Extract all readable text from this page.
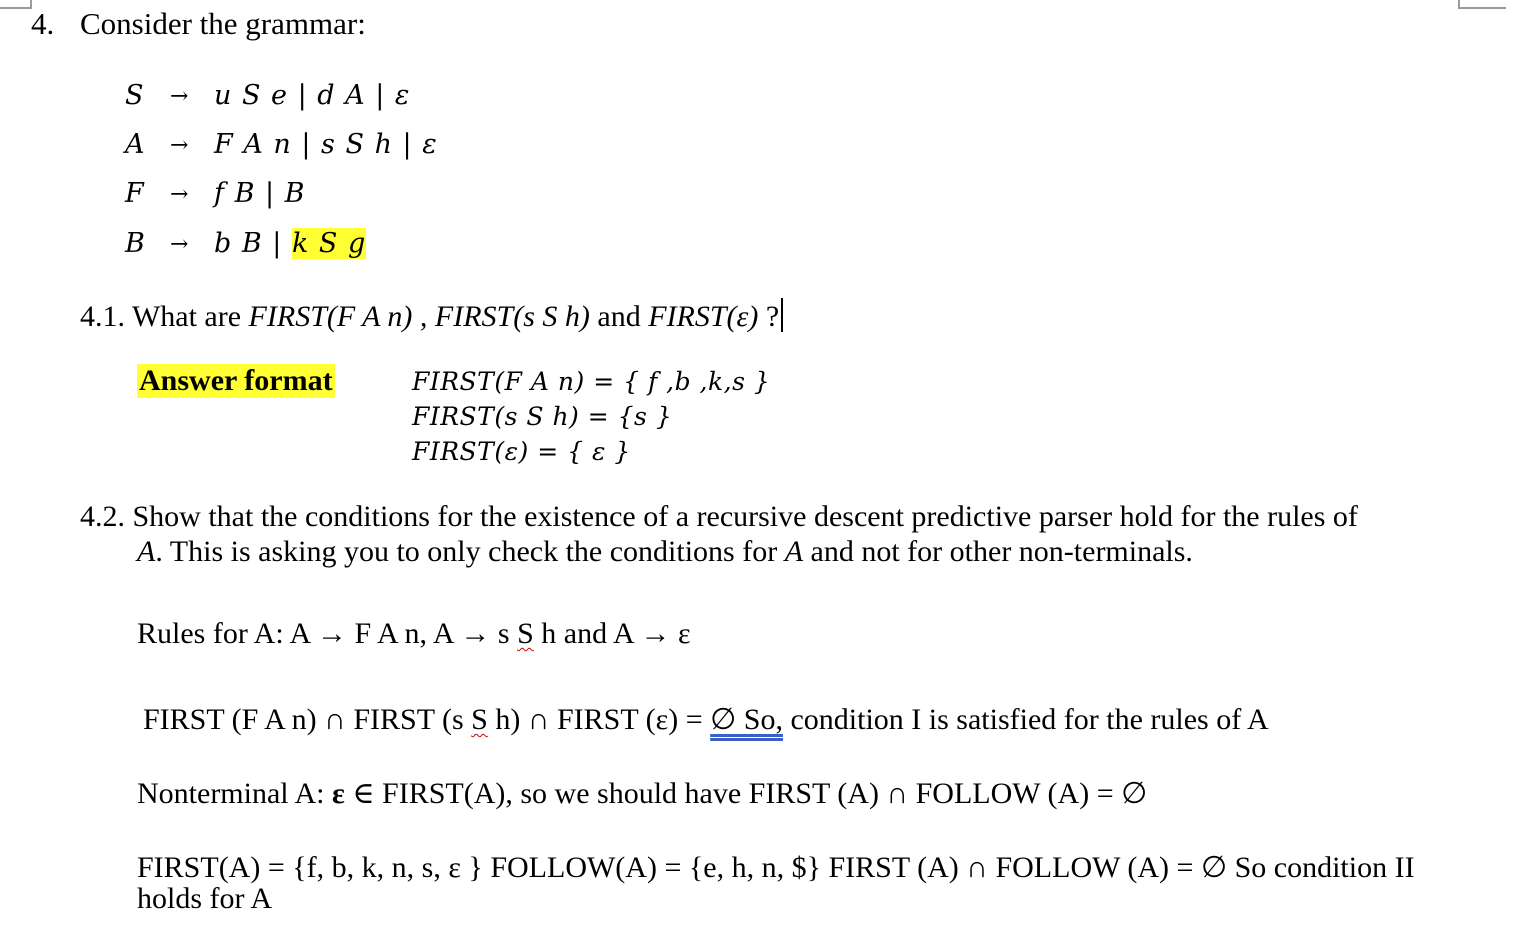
4. Consider the grammar:
S → u S e | d A | ε
A → F A n | s S h | ε
F → f B | B
B → b B | k S g
4.1. What are FIRST(F A n) , FIRST(s S h) and FIRST(ε) ?
Answer format	FIRST(F A n) = { f ,b ,k,s }
FIRST(s S h) = {s }
FIRST(ε) = { ε }
4.2. Show that the conditions for the existence of a recursive descent predictive parser hold for the rules of
A. This is asking you to only check the conditions for A and not for other non-terminals.
Rules for A: A → F A n, A → s S h and A → ε
FIRST (F A n) ∩ FIRST (s S h) ∩ FIRST (ε) = ∅ So, condition I is satisfied for the rules of A
Nonterminal A: ε ∈ FIRST(A), so we should have FIRST (A) ∩ FOLLOW (A) = ∅
FIRST(A) = {f, b, k, n, s, ε } FOLLOW(A) = {e, h, n, $} FIRST (A) ∩ FOLLOW (A) = ∅ So condition II
holds for A
